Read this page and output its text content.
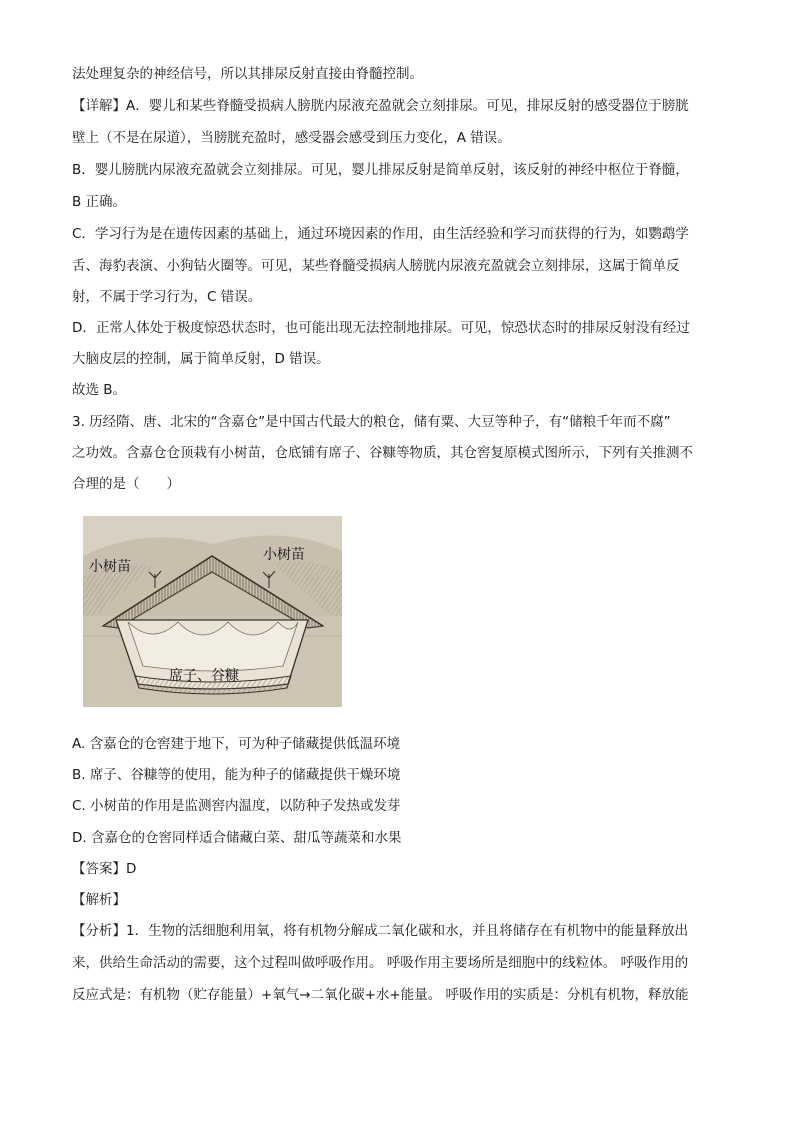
法处理复杂的神经信号，所以其排尿反射直接由脊髓控制。
【详解】A．婴儿和某些脊髓受损病人膀胱内尿液充盈就会立刻排尿。可见，排尿反射的感受器位于膀胱
壁上（不是在尿道），当膀胱充盈时，感受器会感受到压力变化，A 错误。
B．婴儿膀胱内尿液充盈就会立刻排尿。可见，婴儿排尿反射是简单反射，该反射的神经中枢位于脊髓，
B 正确。
C．学习行为是在遗传因素的基础上，通过环境因素的作用，由生活经验和学习而获得的行为，如鹦鹉学
舌、海豹表演、小狗钻火圈等。可见，某些脊髓受损病人膀胱内尿液充盈就会立刻排尿，这属于简单反
射，不属于学习行为，C 错误。
D．正常人体处于极度惊恐状态时，也可能出现无法控制地排尿。可见，惊恐状态时的排尿反射没有经过
大脑皮层的控制，属于简单反射，D 错误。
故选 B。
3. 历经隋、唐、北宋的“含嘉仓”是中国古代最大的粮仓，储有粟、大豆等种子，有“储粮千年而不腐”
之功效。含嘉仓仓顶栽有小树苗，仓底铺有席子、谷糠等物质，其仓窖复原模式图所示，下列有关推测不
合理的是（　　）
小树苗
小树苗
席子、谷糠
A. 含嘉仓的仓窖建于地下，可为种子储藏提供低温环境
B. 席子、谷糠等的使用，能为种子的储藏提供干燥环境
C. 小树苗的作用是监测窖内温度，以防种子发热或发芽
D. 含嘉仓的仓窖同样适合储藏白菜、甜瓜等蔬菜和水果
【答案】D
【解析】
【分析】1．生物的活细胞利用氧，将有机物分解成二氧化碳和水，并且将储存在有机物中的能量释放出
来，供给生命活动的需要，这个过程叫做呼吸作用。 呼吸作用主要场所是细胞中的线粒体。 呼吸作用的
反应式是：有机物（贮存能量）+氧气→二氧化碳+水+能量。 呼吸作用的实质是：分机有机物，释放能
